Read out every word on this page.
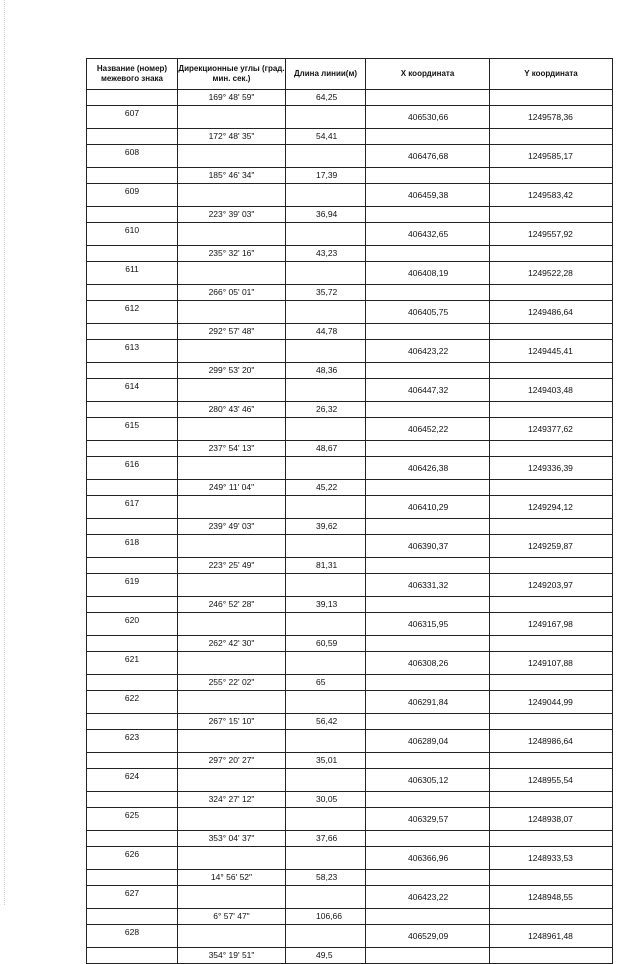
Название (номер) межевого знака	Дирекционные углы (град. мин. сек.)	Длина линии(м)	X координата	Y координата
	169° 48' 59"	64,25		
607			406530,66	1249578,36
	172° 48' 35"	54,41		
608			406476,68	1249585,17
	185° 46' 34"	17,39		
609			406459,38	1249583,42
	223° 39' 03"	36,94		
610			406432,65	1249557,92
	235° 32' 16"	43,23		
611			406408,19	1249522,28
	266° 05' 01"	35,72		
612			406405,75	1249486,64
	292° 57' 48"	44,78		
613			406423,22	1249445,41
	299° 53' 20"	48,36		
614			406447,32	1249403,48
	280° 43' 46"	26,32		
615			406452,22	1249377,62
	237° 54' 13"	48,67		
616			406426,38	1249336,39
	249° 11' 04"	45,22		
617			406410,29	1249294,12
	239° 49' 03"	39,62		
618			406390,37	1249259,87
	223° 25' 49"	81,31		
619			406331,32	1249203,97
	246° 52' 28"	39,13		
620			406315,95	1249167,98
	262° 42' 30"	60,59		
621			406308,26	1249107,88
	255° 22' 02"	65		
622			406291,84	1249044,99
	267° 15' 10"	56,42		
623			406289,04	1248986,64
	297° 20' 27"	35,01		
624			406305,12	1248955,54
	324° 27' 12"	30,05		
625			406329,57	1248938,07
	353° 04' 37"	37,66		
626			406366,96	1248933,53
	14° 56' 52"	58,23		
627			406423,22	1248948,55
	6° 57' 47"	106,66		
628			406529,09	1248961,48
	354° 19' 51"	49,5		
